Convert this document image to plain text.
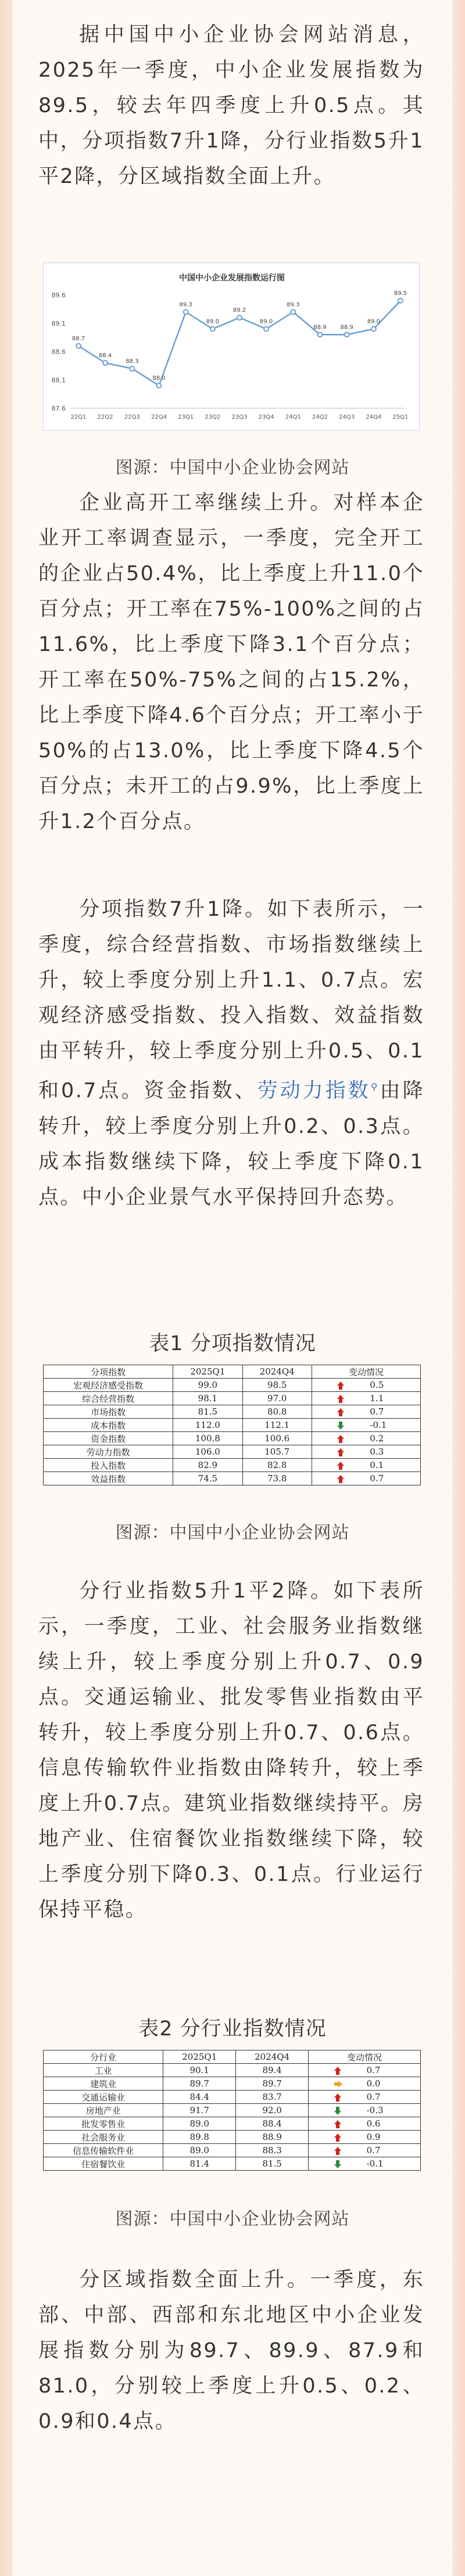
据中国中小企业协会网站消息，2025年一季度，中小企业发展指数为89.5，较去年四季度上升0.5点。其中，分项指数7升1降，分行业指数5升1平2降，分区域指数全面上升。

中国中小企业发展指数运行图
89.6
89.1
88.6
88.1
87.6
22Q1 22Q2 22Q3 22Q4 23Q1 23Q2 23Q3 23Q4 24Q1 24Q2 24Q3 24Q4 25Q1
88.7
88.4
88.3
88.0
89.3
89.0
89.2
89.0
89.3
88.9 88.9
89.0
89.5
图源：中国中小企业协会网站

企业高开工率继续上升。对样本企业开工率调查显示，一季度，完全开工的企业占50.4%，比上季度上升11.0个百分点；开工率在75%-100%之间的占11.6%，比上季度下降3.1个百分点；开工率在50%-75%之间的占15.2%，比上季度下降4.6个百分点；开工率小于50%的占13.0%，比上季度下降4.5个百分点；未开工的占9.9%，比上季度上升1.2个百分点。

分项指数7升1降。如下表所示，一季度，综合经营指数、市场指数继续上升，较上季度分别上升1.1、0.7点。宏观经济感受指数、投入指数、效益指数由平转升，较上季度分别上升0.5、0.1和0.7点。资金指数、劳动力指数⚲由降转升，较上季度分别上升0.2、0.3点。成本指数继续下降，较上季度下降0.1点。中小企业景气水平保持回升态势。

表1 分项指数情况
分项指数	2025Q1	2024Q4	变动情况	
宏观经济感受指数	99.0	98.5		0.5
综合经营指数	98.1	97.0		1.1
市场指数	81.5	80.8		0.7
成本指数	112.0	112.1		-0.1
资金指数	100.8	100.6		0.2
劳动力指数	106.0	105.7		0.3
投入指数	82.9	82.8		0.1
效益指数	74.5	73.8		0.7
图源：中国中小企业协会网站

分行业指数5升1平2降。如下表所示，一季度，工业、社会服务业指数继续上升，较上季度分别上升0.7、0.9点。交通运输业、批发零售业指数由平转升，较上季度分别上升0.7、0.6点。信息传输软件业指数由降转升，较上季度上升0.7点。建筑业指数继续持平。房地产业、住宿餐饮业指数继续下降，较上季度分别下降0.3、0.1点。行业运行保持平稳。

表2 分行业指数情况
分行业	2025Q1	2024Q4	变动情况	
工业	90.1	89.4		0.7
建筑业	89.7	89.7		0.0
交通运输业	84.4	83.7		0.7
房地产业	91.7	92.0		-0.3
批发零售业	89.0	88.4		0.6
社会服务业	89.8	88.9		0.9
信息传输软件业	89.0	88.3		0.7
住宿餐饮业	81.4	81.5		-0.1
图源：中国中小企业协会网站

分区域指数全面上升。一季度，东部、中部、西部和东北地区中小企业发展指数分别为89.7、89.9、87.9和81.0，分别较上季度上升0.5、0.2、0.9和0.4点。
